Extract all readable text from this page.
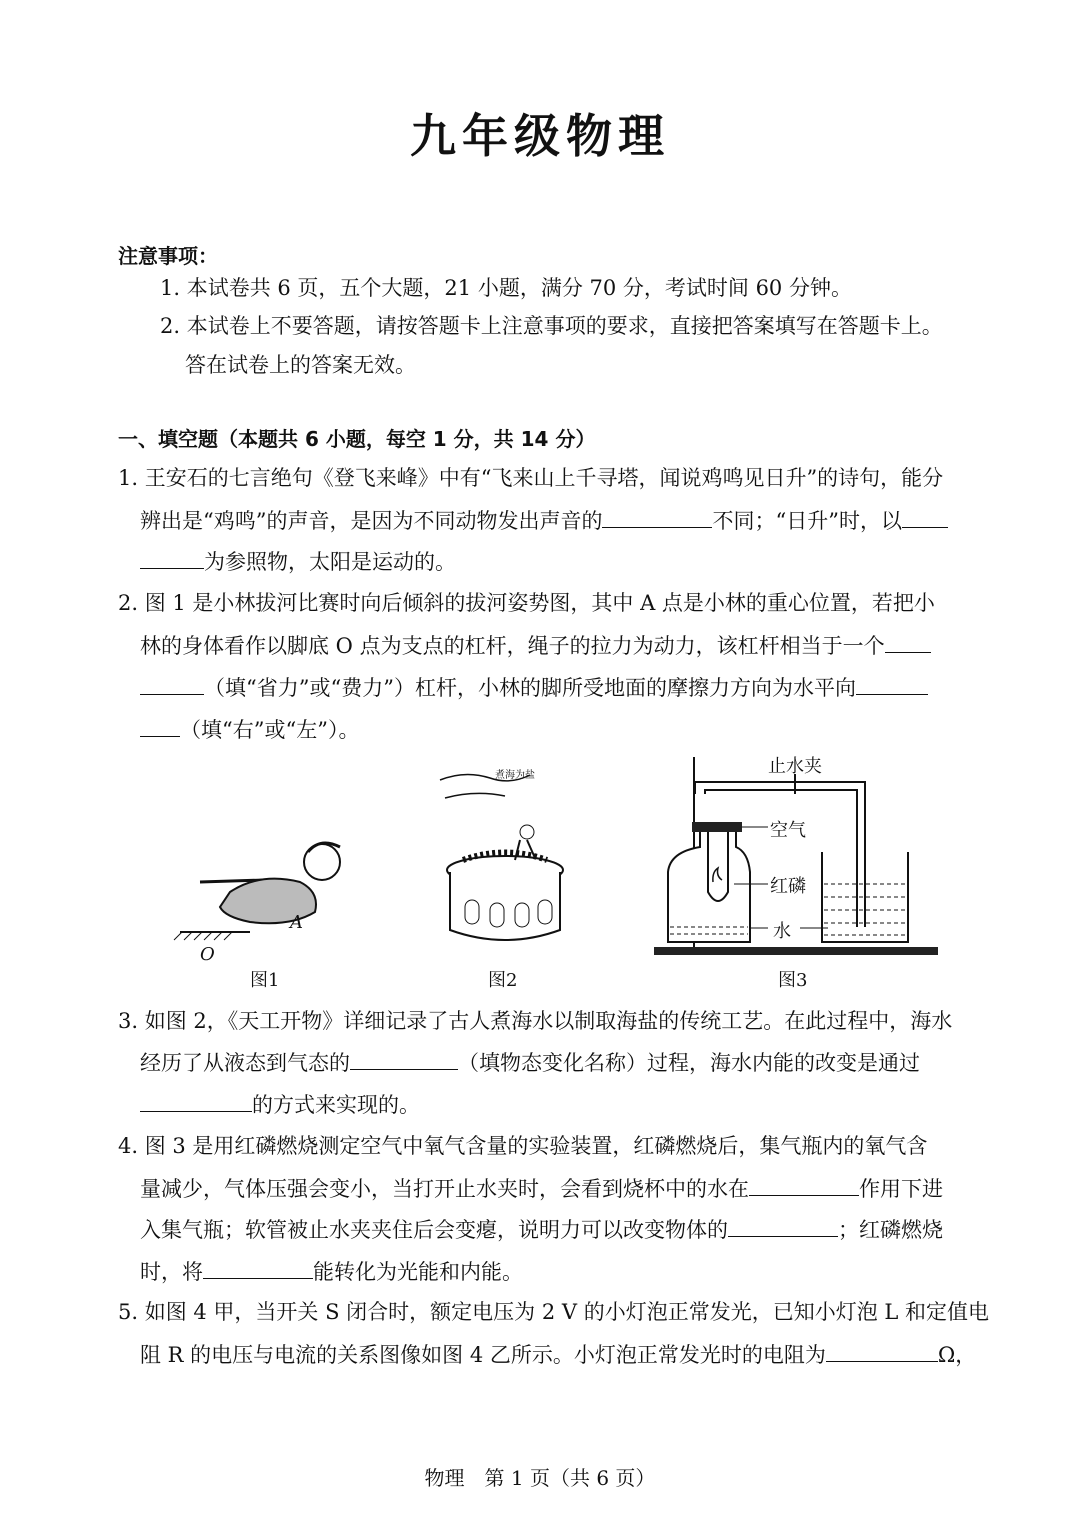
九年级物理
注意事项：
1. 本试卷共 6 页，五个大题，21 小题，满分 70 分，考试时间 60 分钟。
2. 本试卷上不要答题，请按答题卡上注意事项的要求，直接把答案填写在答题卡上。
答在试卷上的答案无效。
一、填空题（本题共 6 小题，每空 1 分，共 14 分）
1. 王安石的七言绝句《登飞来峰》中有“飞来山上千寻塔，闻说鸡鸣见日升”的诗句，能分
辨出是“鸡鸣”的声音，是因为不同动物发出声音的	不同；“日升”时，以
为参照物，太阳是运动的。
2. 图 1 是小林拔河比赛时向后倾斜的拔河姿势图，其中 A 点是小林的重心位置，若把小
林的身体看作以脚底 O 点为支点的杠杆，绳子的拉力为动力，该杠杆相当于一个
（填“省力”或“费力”）杠杆，小林的脚所受地面的摩擦力方向为水平向
（填“右”或“左”）。
A
O
图1
煮海为盐
图2
止水夹
空气
红磷
水
图3
3. 如图 2，《天工开物》详细记录了古人煮海水以制取海盐的传统工艺。在此过程中，海水
经历了从液态到气态的	（填物态变化名称）过程，海水内能的改变是通过
的方式来实现的。
4. 图 3 是用红磷燃烧测定空气中氧气含量的实验装置，红磷燃烧后，集气瓶内的氧气含
量减少，气体压强会变小，当打开止水夹时，会看到烧杯中的水在	作用下进
入集气瓶；软管被止水夹夹住后会变瘪，说明力可以改变物体的	；红磷燃烧
时，将	能转化为光能和内能。
5. 如图 4 甲，当开关 S 闭合时，额定电压为 2 V 的小灯泡正常发光，已知小灯泡 L 和定值电
阻 R 的电压与电流的关系图像如图 4 乙所示。小灯泡正常发光时的电阻为	Ω，
物理　第 1 页（共 6 页）
